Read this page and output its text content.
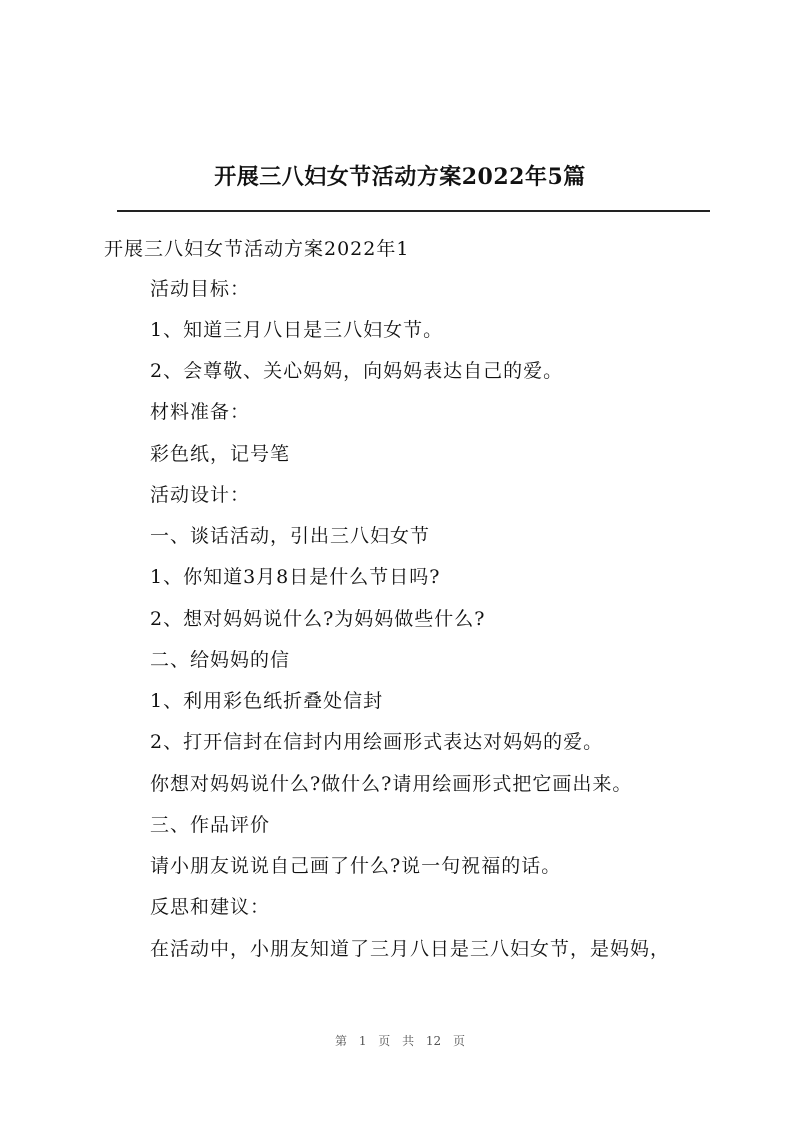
开展三八妇女节活动方案2022年5篇
开展三八妇女节活动方案2022年1
活动目标：
1、知道三月八日是三八妇女节。
2、会尊敬、关心妈妈，向妈妈表达自己的爱。
材料准备：
彩色纸，记号笔
活动设计：
一、谈话活动，引出三八妇女节
1、你知道3月8日是什么节日吗?
2、想对妈妈说什么?为妈妈做些什么?
二、给妈妈的信
1、利用彩色纸折叠处信封
2、打开信封在信封内用绘画形式表达对妈妈的爱。
你想对妈妈说什么?做什么?请用绘画形式把它画出来。
三、作品评价
请小朋友说说自己画了什么?说一句祝福的话。
反思和建议：
在活动中，小朋友知道了三月八日是三八妇女节，是妈妈，
第 1 页 共 12 页
